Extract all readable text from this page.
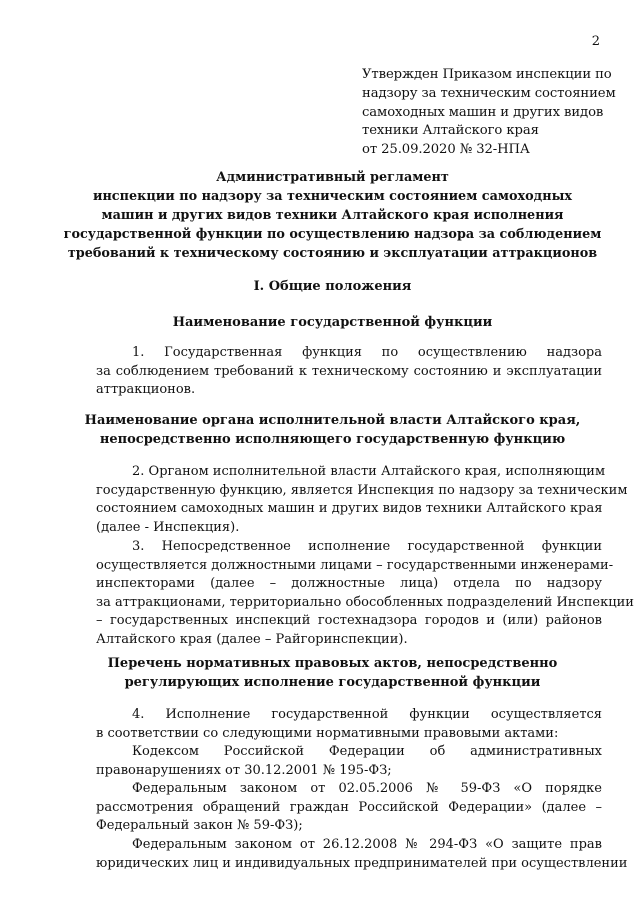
2
Утвержден Приказом инспекции по
надзору за техническим состоянием
самоходных машин и других видов
техники Алтайского края
от 25.09.2020 № 32-НПА
Административный регламент
инспекции по надзору за техническим состоянием самоходных
машин и других видов техники Алтайского края исполнения
государственной функции по осуществлению надзора за соблюдением
требований к техническому состоянию и эксплуатации аттракционов
I. Общие положения
Наименование государственной функции
1. Государственная функция по осуществлению надзора
за соблюдением требований к техническому состоянию и эксплуатации
аттракционов.
Наименование органа исполнительной власти Алтайского края,
непосредственно исполняющего государственную функцию
2. Органом исполнительной власти Алтайского края, исполняющим
государственную функцию, является Инспекция по надзору за техническим
состоянием самоходных машин и других видов техники Алтайского края
(далее - Инспекция).
3. Непосредственное исполнение государственной функции
осуществляется должностными лицами – государственными инженерами-
инспекторами (далее – должностные лица) отдела по надзору
за аттракционами, территориально обособленных подразделений Инспекции
– государственных инспекций гостехнадзора городов и (или) районов
Алтайского края (далее – Райгоринспекции).
Перечень нормативных правовых актов, непосредственно
регулирующих исполнение государственной функции
4. Исполнение государственной функции осуществляется
в соответствии со следующими нормативными правовыми актами:
Кодексом Российской Федерации об административных
правонарушениях от 30.12.2001 № 195-ФЗ;
Федеральным законом от 02.05.2006 № 59-ФЗ «О порядке
рассмотрения обращений граждан Российской Федерации» (далее –
Федеральный закон № 59-ФЗ);
Федеральным законом от 26.12.2008 № 294-ФЗ «О защите прав
юридических лиц и индивидуальных предпринимателей при осуществлении
